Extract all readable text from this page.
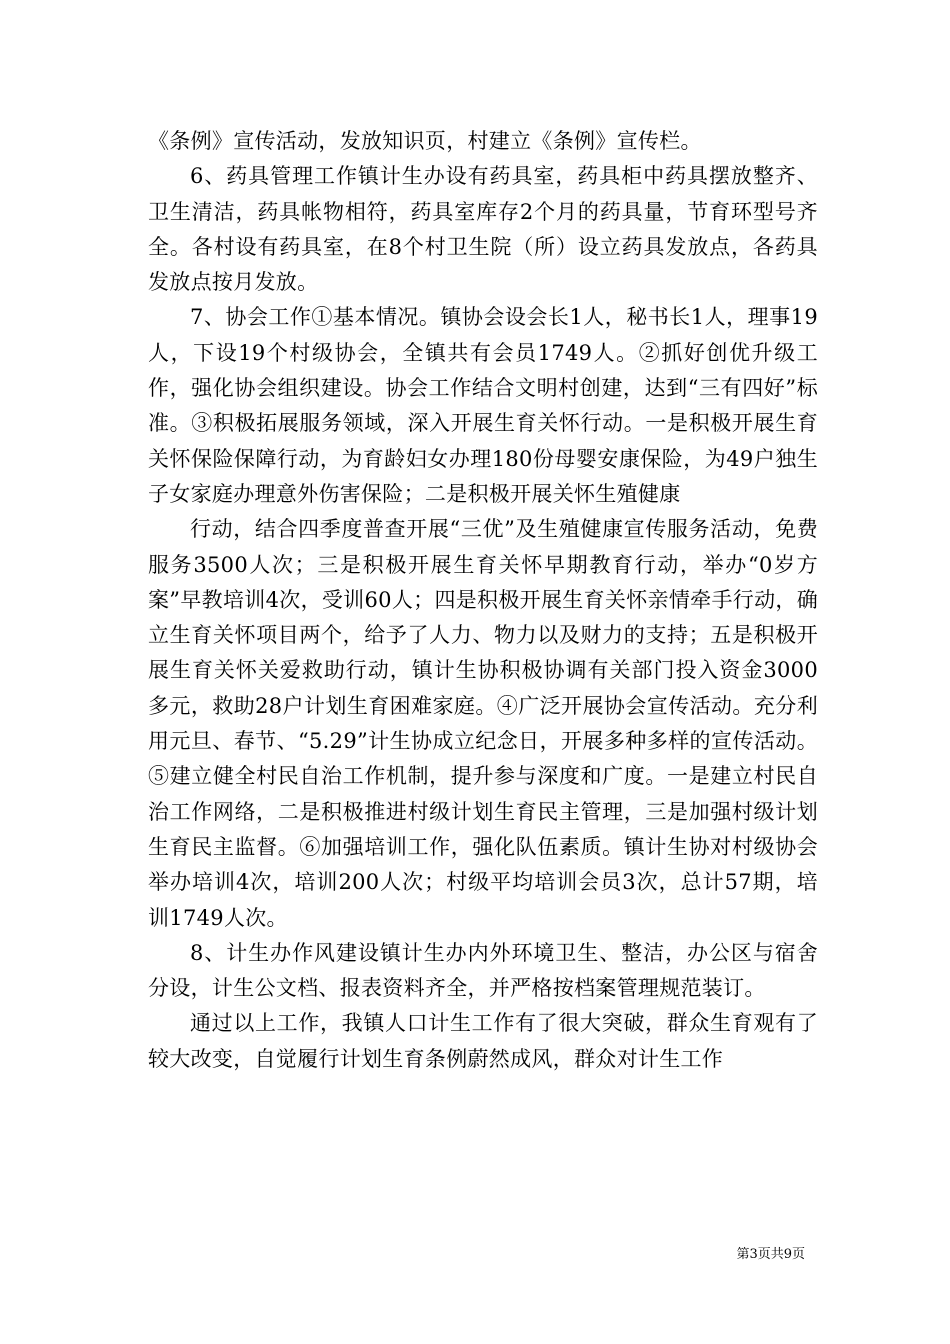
《条例》宣传活动，发放知识页，村建立《条例》宣传栏。

6、药具管理工作镇计生办设有药具室，药具柜中药具摆放整齐、卫生清洁，药具帐物相符，药具室库存2个月的药具量，节育环型号齐全。各村设有药具室，在8个村卫生院（所）设立药具发放点，各药具发放点按月发放。

7、协会工作①基本情况。镇协会设会长1人，秘书长1人，理事19人，下设19个村级协会，全镇共有会员1749人。②抓好创优升级工作，强化协会组织建设。协会工作结合文明村创建，达到“三有四好”标准。③积极拓展服务领域，深入开展生育关怀行动。一是积极开展生育关怀保险保障行动，为育龄妇女办理180份母婴安康保险，为49户独生子女家庭办理意外伤害保险；二是积极开展关怀生殖健康

行动，结合四季度普查开展“三优”及生殖健康宣传服务活动，免费服务3500人次；三是积极开展生育关怀早期教育行动，举办“0岁方案”早教培训4次，受训60人；四是积极开展生育关怀亲情牵手行动，确立生育关怀项目两个，给予了人力、物力以及财力的支持；五是积极开展生育关怀关爱救助行动，镇计生协积极协调有关部门投入资金3000多元，救助28户计划生育困难家庭。④广泛开展协会宣传活动。充分利用元旦、春节、“5.29”计生协成立纪念日，开展多种多样的宣传活动。⑤建立健全村民自治工作机制，提升参与深度和广度。一是建立村民自治工作网络，二是积极推进村级计划生育民主管理，三是加强村级计划生育民主监督。⑥加强培训工作，强化队伍素质。镇计生协对村级协会举办培训4次，培训200人次；村级平均培训会员3次，总计57期，培训1749人次。

8、计生办作风建设镇计生办内外环境卫生、整洁，办公区与宿舍分设，计生公文档、报表资料齐全，并严格按档案管理规范装订。

通过以上工作，我镇人口计生工作有了很大突破，群众生育观有了较大改变，自觉履行计划生育条例蔚然成风，群众对计生工作

第3页共9页
